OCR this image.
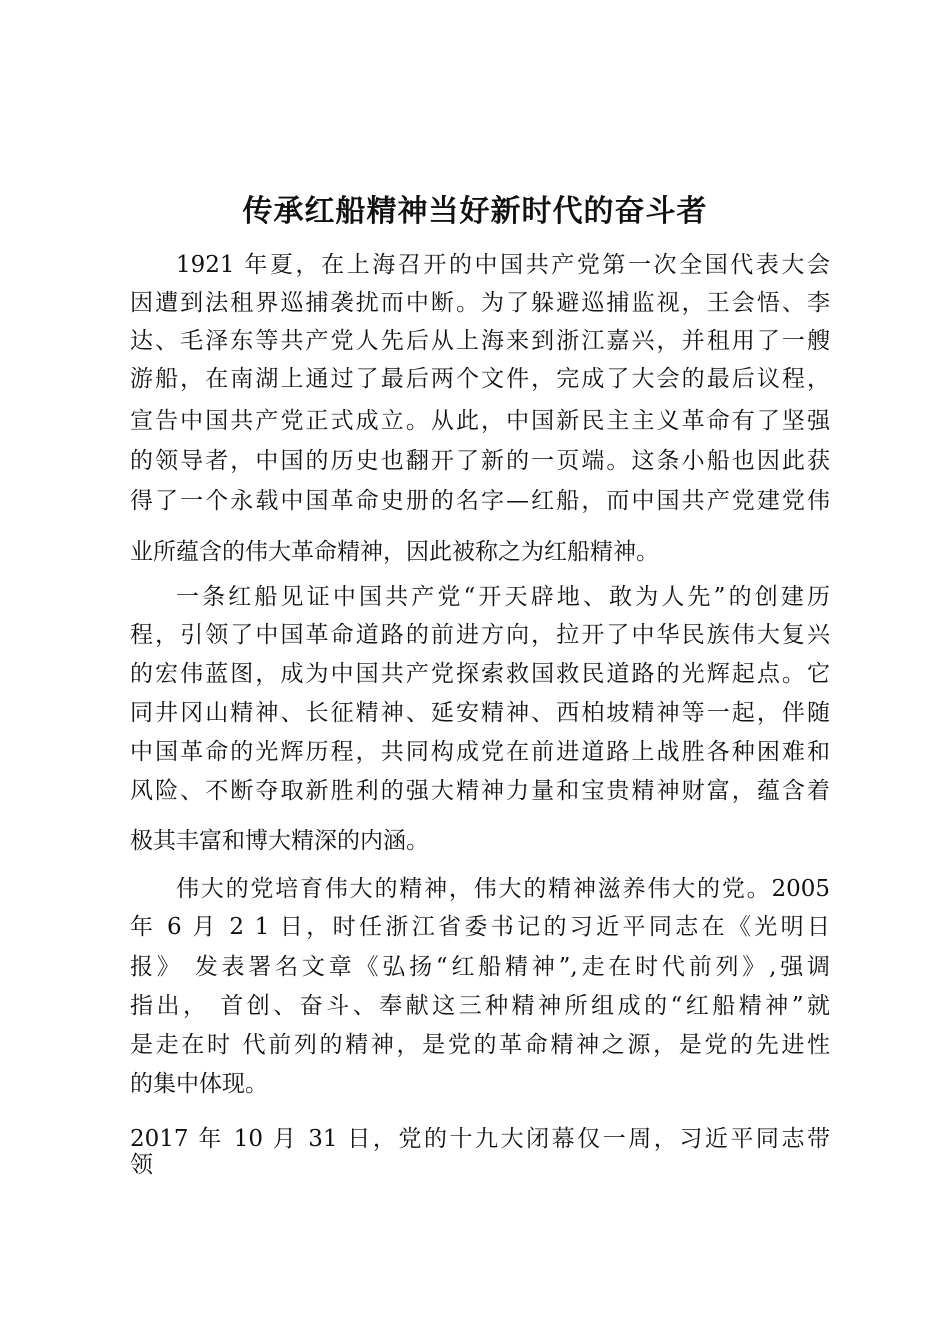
传承红船精神当好新时代的奋斗者
1921 年夏，在上海召开的中国共产党第一次全国代表大会
因遭到法租界巡捕袭扰而中断。为了躲避巡捕监视，王会悟、李
达、毛泽东等共产党人先后从上海来到浙江嘉兴，并租用了一艘
游船，在南湖上通过了最后两个文件，完成了大会的最后议程，
宣告中国共产党正式成立。从此，中国新民主主义革命有了坚强
的领导者，中国的历史也翻开了新的一页端。这条小船也因此获
得了一个永载中国革命史册的名字—红船，而中国共产党建党伟
业所蕴含的伟大革命精神，因此被称之为红船精神。
一条红船见证中国共产党“开天辟地、敢为人先”的创建历
程，引领了中国革命道路的前进方向，拉开了中华民族伟大复兴
的宏伟蓝图，成为中国共产党探索救国救民道路的光辉起点。它
同井冈山精神、长征精神、延安精神、西柏坡精神等一起，伴随
中国革命的光辉历程，共同构成党在前进道路上战胜各种困难和
风险、不断夺取新胜利的强大精神力量和宝贵精神财富，蕴含着
极其丰富和博大精深的内涵。
伟大的党培育伟大的精神，伟大的精神滋养伟大的党。2005
年 6 月 2 1 日，时任浙江省委书记的习近平同志在《光明日
报》 发表署名文章《弘扬“红船精神”,走在时代前列》,强调
指出， 首创、奋斗、奉献这三种精神所组成的“红船精神”就
是走在时 代前列的精神，是党的革命精神之源，是党的先进性
的集中体现。
2017 年 10 月 31 日，党的十九大闭幕仅一周，习近平同志带
领
